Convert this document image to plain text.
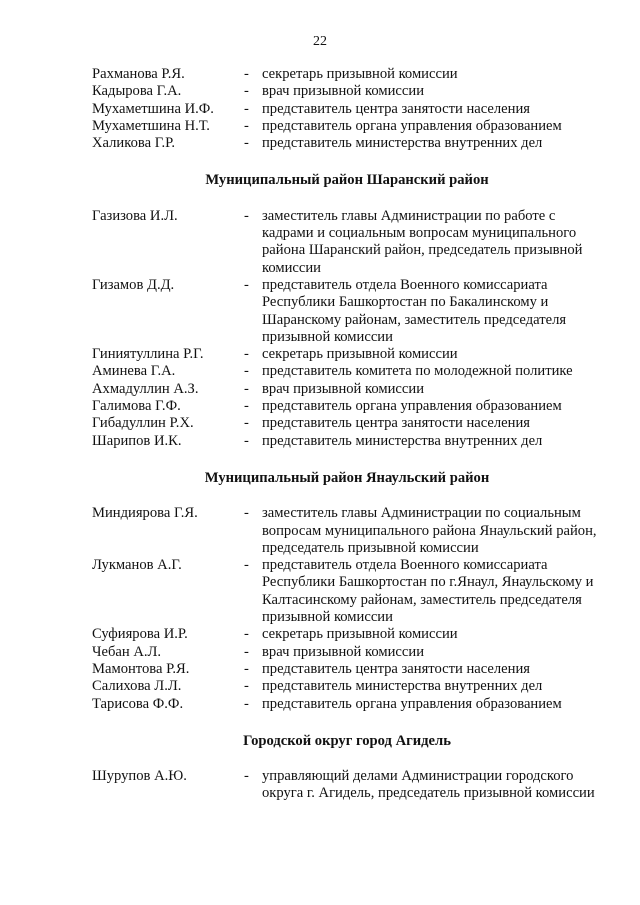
22
Рахманова Р.Я.	- секретарь призывной комиссии
Кадырова Г.А.	- врач призывной комиссии
Мухаметшина И.Ф.	- представитель центра занятости населения
Мухаметшина Н.Т.	- представитель органа управления образованием
Халикова Г.Р.	- представитель министерства внутренних дел
Муниципальный район Шаранский район
Газизова И.Л.	- заместитель главы Администрации по работе с кадрами и социальным вопросам муниципального района Шаранский район, председатель призывной комиссии
Гизамов Д.Д.	- представитель отдела Военного комиссариата Республики Башкортостан по Бакалинскому и Шаранскому районам, заместитель председателя призывной комиссии
Гиниятуллина Р.Г.	- секретарь призывной комиссии
Аминева Г.А.	- представитель комитета по молодежной политике
Ахмадуллин А.З.	- врач призывной комиссии
Галимова Г.Ф.	- представитель органа управления образованием
Гибадуллин Р.Х.	- представитель центра занятости населения
Шарипов И.К.	- представитель министерства внутренних дел
Муниципальный район Янаульский район
Миндиярова Г.Я.	- заместитель главы Администрации по социальным вопросам муниципального района Янаульский район, председатель призывной комиссии
Лукманов А.Г.	- представитель отдела Военного комиссариата Республики Башкортостан по г.Янаул, Янаульскому и Калтасинскому районам, заместитель председателя призывной комиссии
Суфиярова И.Р.	- секретарь призывной комиссии
Чебан А.Л.	- врач призывной комиссии
Мамонтова Р.Я.	- представитель центра занятости населения
Салихова Л.Л.	- представитель министерства внутренних дел
Тарисова Ф.Ф.	- представитель органа управления образованием
Городской округ город Агидель
Шурупов А.Ю.	- управляющий делами Администрации городского округа г. Агидель, председатель призывной комиссии
